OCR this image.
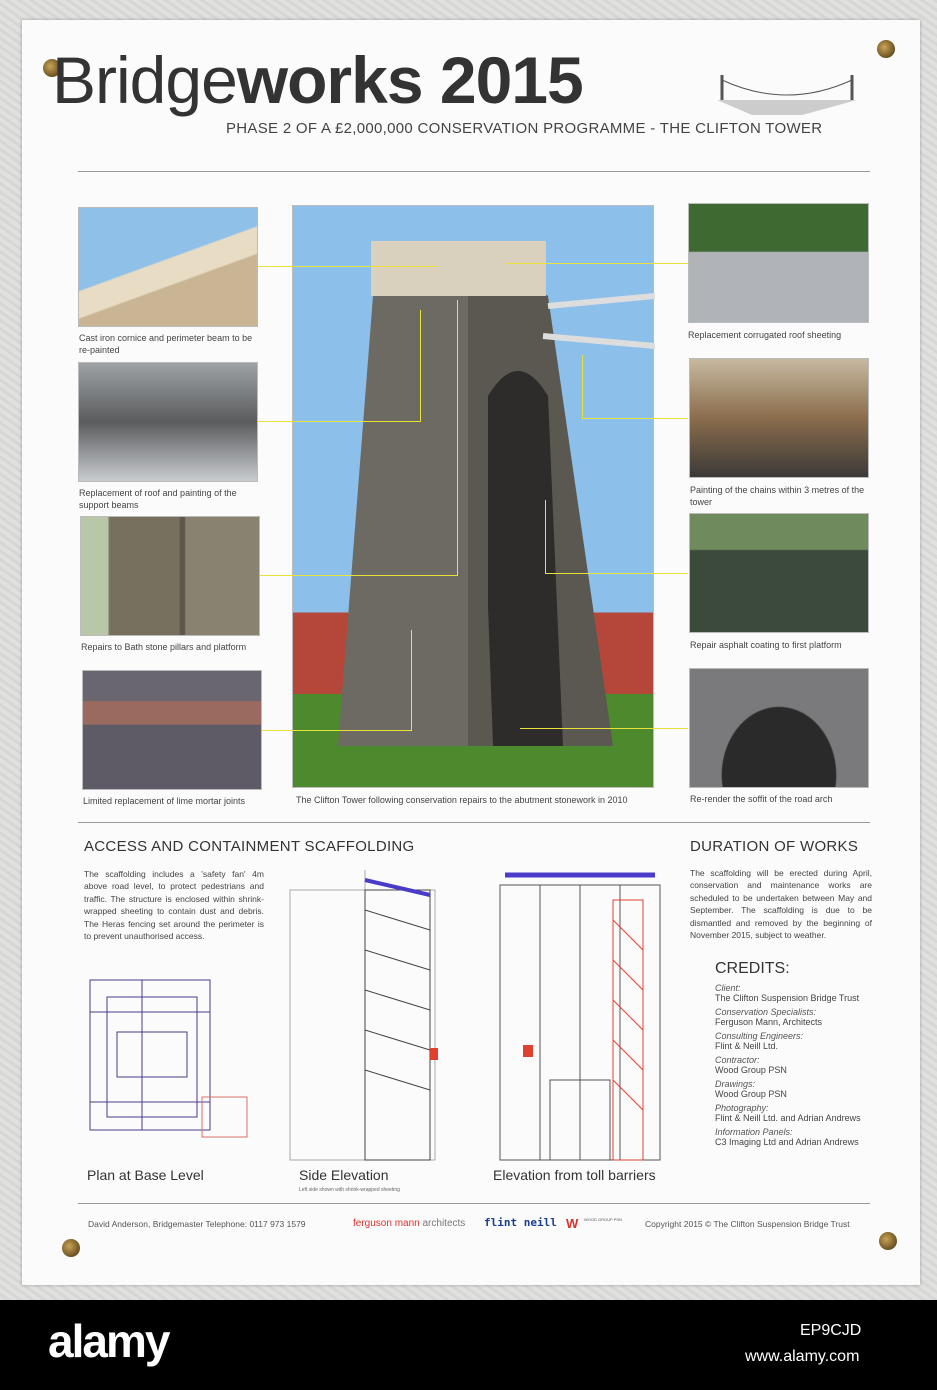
Bridgeworks 2015
PHASE 2 OF A £2,000,000 CONSERVATION PROGRAMME - THE CLIFTON TOWER
Cast iron cornice and perimeter beam to be re-painted
Replacement of roof and painting of the support beams
Repairs to Bath stone pillars and platform
Limited replacement of lime mortar joints	The Clifton Tower following conservation repairs to the abutment stonework in 2010
Replacement corrugated roof sheeting
Painting of the chains within 3 metres of the tower
Repair asphalt coating to first platform
Re-render the soffit of the road arch
ACCESS AND CONTAINMENT SCAFFOLDING
The scaffolding includes a 'safety fan' 4m above road level, to protect pedestrians and traffic. The structure is enclosed within shrink-wrapped sheeting to contain dust and debris. The Heras fencing set around the perimeter is to prevent unauthorised access.
DURATION OF WORKS
The scaffolding will be erected during April, conservation and maintenance works are scheduled to be undertaken between May and September. The scaffolding is due to be dismantled and removed by the beginning of November 2015, subject to weather.
Plan at Base Level	Side Elevation
Left side shown with shrink-wrapped sheeting
Elevation from toll barriers
CREDITS:
Client:
The Clifton Suspension Bridge Trust
Conservation Specialists:
Ferguson Mann, Architects
Consulting Engineers:
Flint & Neill Ltd.
Contractor:
Wood Group PSN
Drawings:
Wood Group PSN
Photography:
Flint & Neill Ltd. and Adrian Andrews
Information Panels:
C3 Imaging Ltd and Adrian Andrews
David Anderson, Bridgemaster Telephone: 0117 973 1579	ferguson mann architects flint neill W WOOD GROUP PSN	Copyright 2015 © The Clifton Suspension Bridge Trust
alamy	EP9CJD
www.alamy.com
